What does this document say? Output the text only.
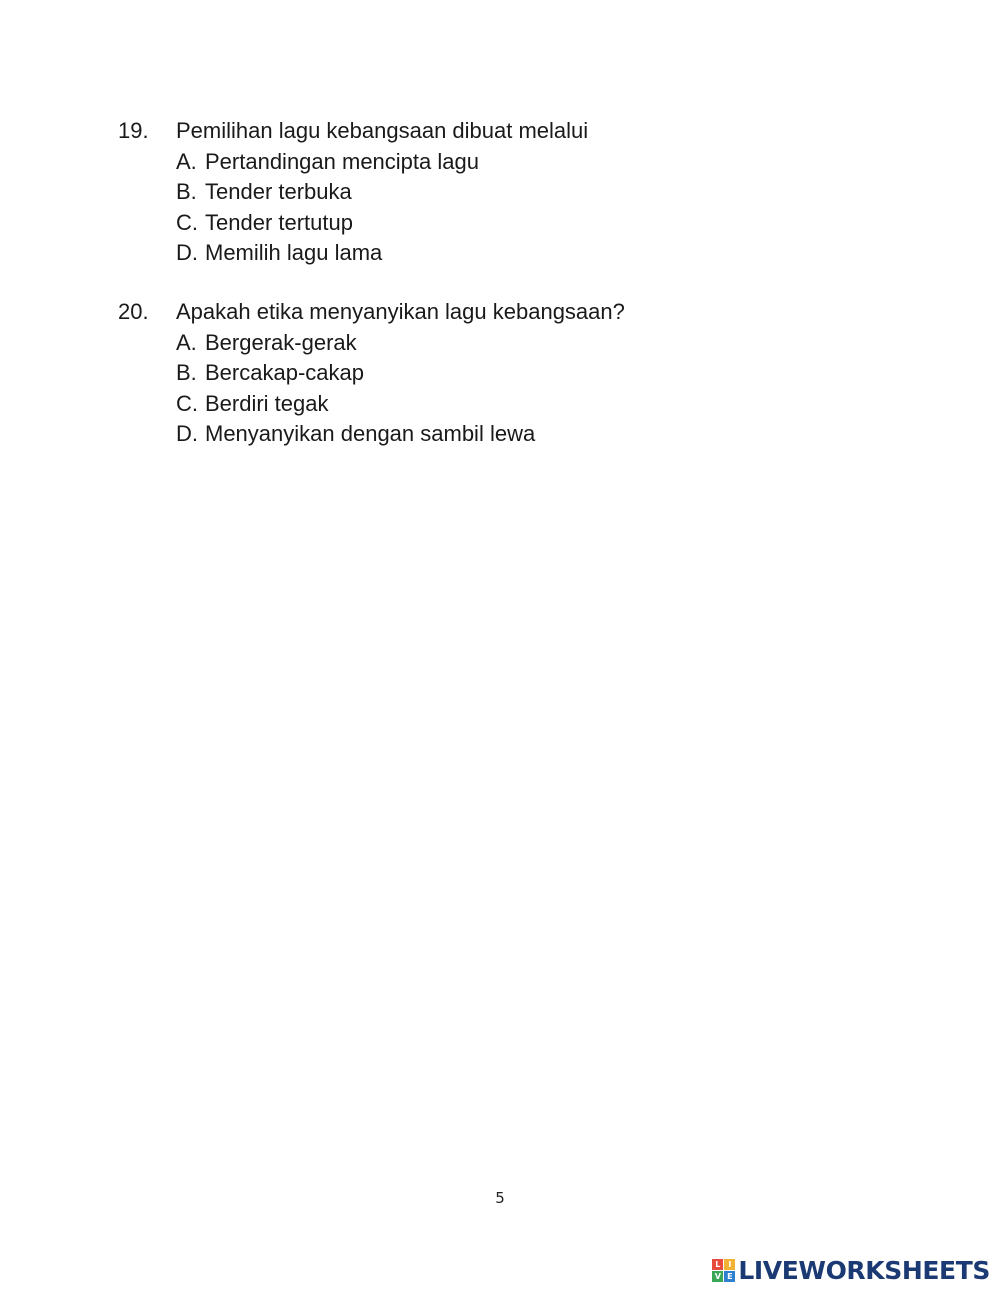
19.	Pemilihan lagu kebangsaan dibuat melalui
A. Pertandingan mencipta lagu
B. Tender terbuka
C. Tender tertutup
D. Memilih lagu lama
20.	Apakah etika menyanyikan lagu kebangsaan?
A. Bergerak-gerak
B. Bercakap-cakap
C. Berdiri tegak
D. Menyanyikan dengan sambil lewa
5
L I
V E LIVEWORKSHEETS
